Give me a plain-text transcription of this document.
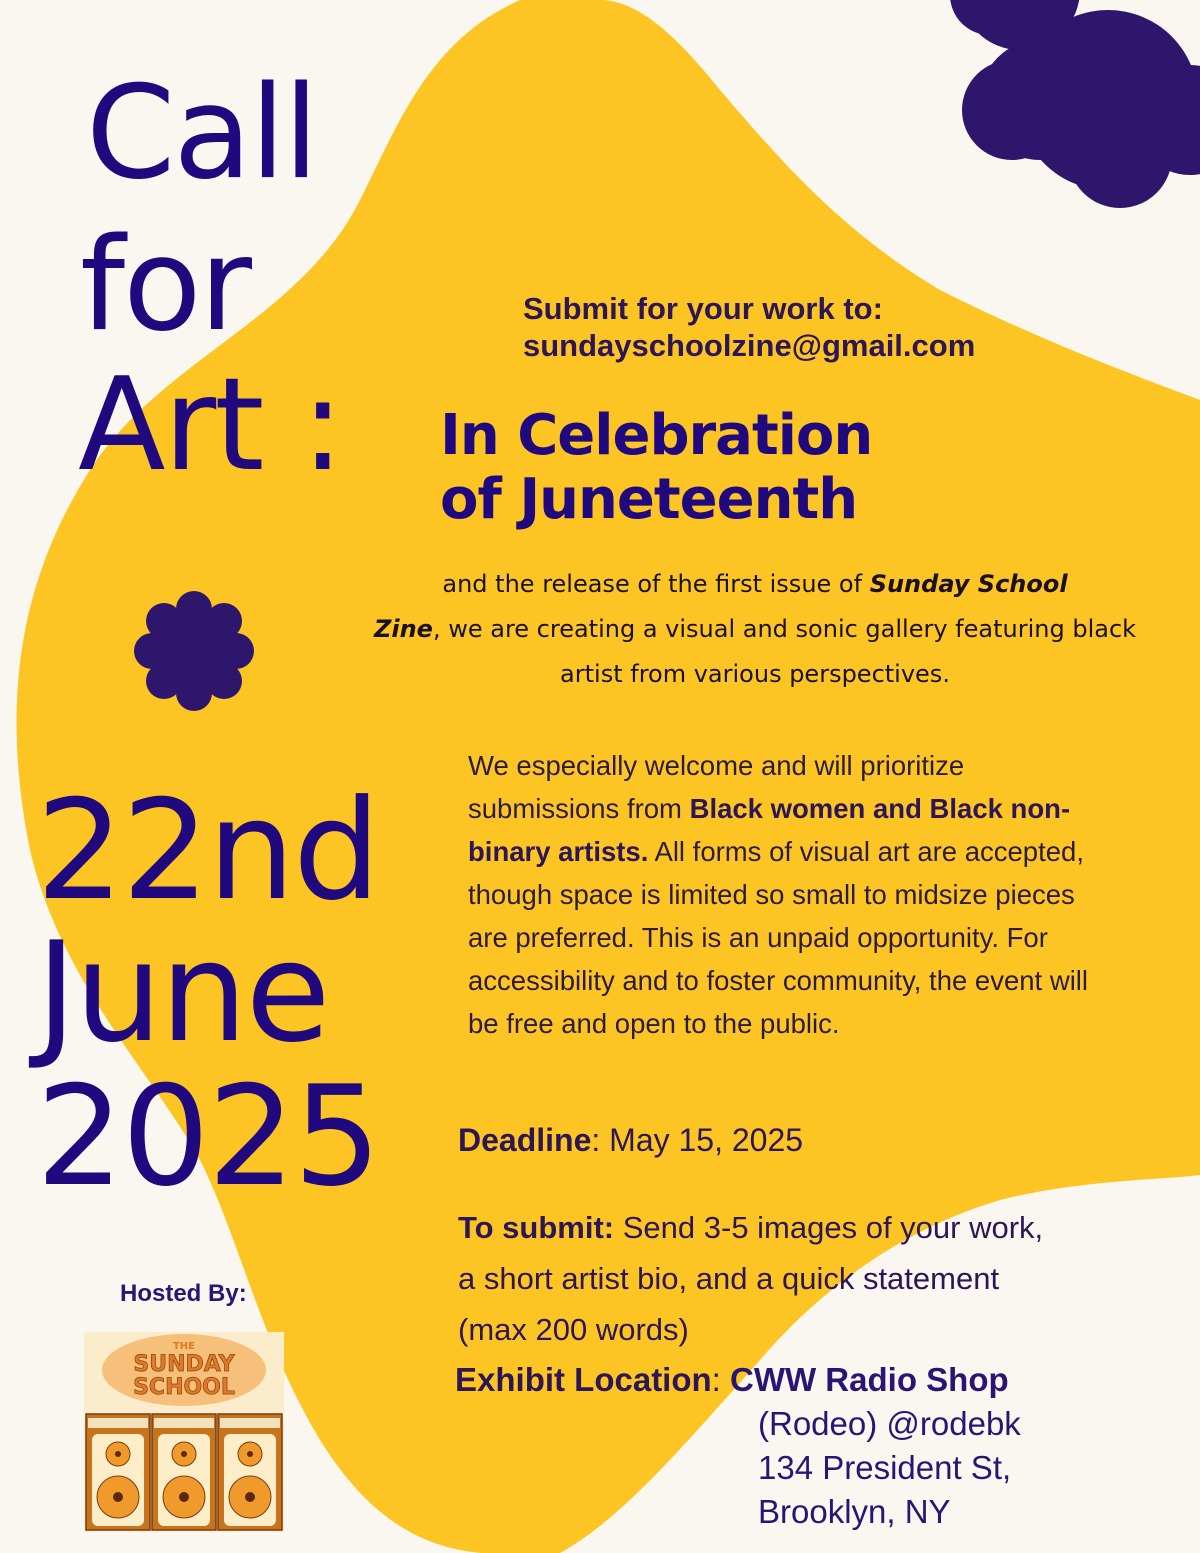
Call
for
Art :
22nd
June
2025
Submit for your work to:
sundayschoolzine@gmail.com
In Celebration
of Juneteenth
and the release of the first issue of Sunday School
Zine, we are creating a visual and sonic gallery featuring black artist from various perspectives.
We especially welcome and will prioritize submissions from Black women and Black non-binary artists. All forms of visual art are accepted, though space is limited so small to midsize pieces are preferred. This is an unpaid opportunity. For accessibility and to foster community, the event will be free and open to the public.
Deadline: May 15, 2025
To submit: Send 3-5 images of your work, a short artist bio, and a quick statement (max 200 words)
Exhibit Location: CWW Radio Shop
(Rodeo) @rodebk
134 President St,
Brooklyn, NY
Hosted By:
THE
SUNDAY
SCHOOL
